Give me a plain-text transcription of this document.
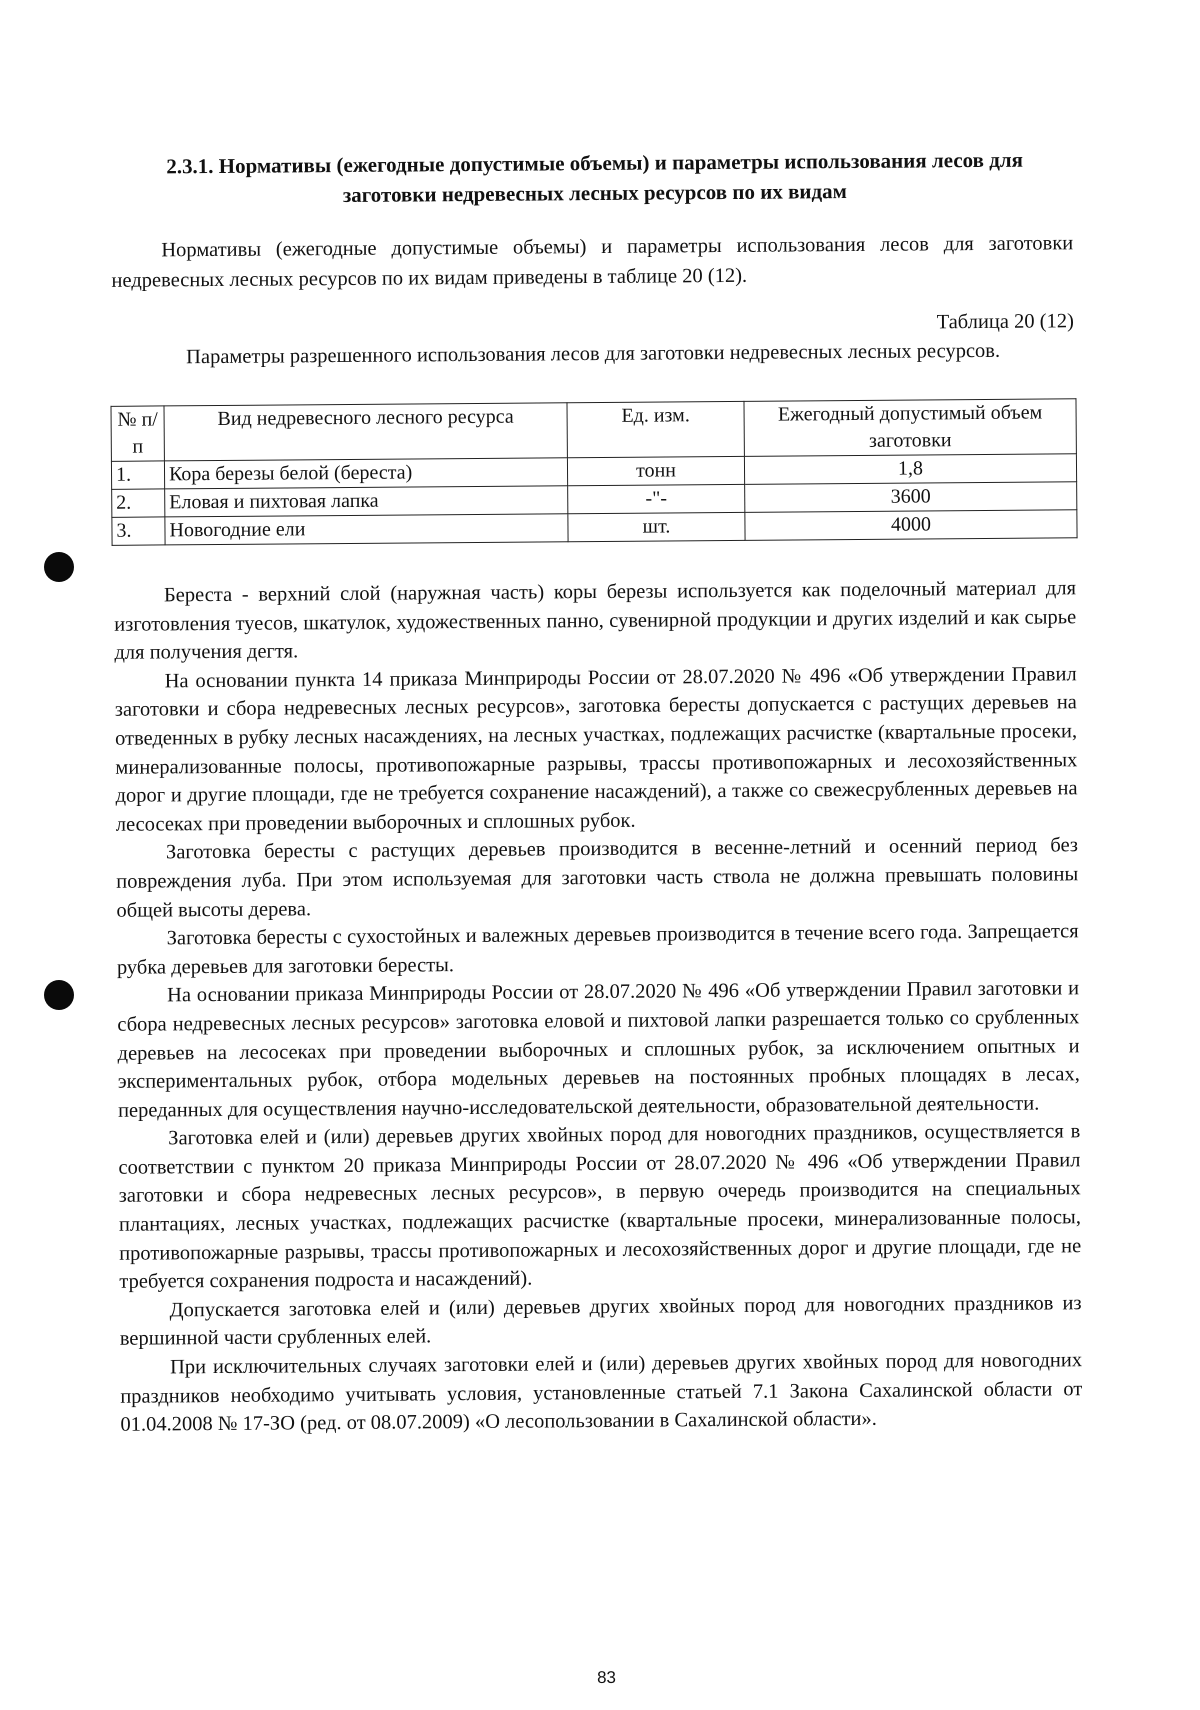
2.3.1. Нормативы (ежегодные допустимые объемы) и параметры использования лесов для
заготовки недревесных лесных ресурсов по их видам

Нормативы (ежегодные допустимые объемы) и параметры использования лесов для заготовки недревесных лесных ресурсов по их видам приведены в таблице 20 (12).

Таблица 20 (12)
Параметры разрешенного использования лесов для заготовки недревесных лесных ресурсов.
№ п/п	Вид недревесного лесного ресурса	Ед. изм.	Ежегодный допустимый объем заготовки
1.	Кора березы белой (береста)	тонн	1,8
2.	Еловая и пихтовая лапка	-"-	3600
3.	Новогодние ели	шт.	4000

Береста - верхний слой (наружная часть) коры березы используется как поделочный материал для изготовления туесов, шкатулок, художественных панно, сувенирной продукции и других изделий и как сырье для получения дегтя.

На основании пункта 14 приказа Минприроды России от 28.07.2020 № 496 «Об утверждении Правил заготовки и сбора недревесных лесных ресурсов», заготовка бересты допускается с растущих деревьев на отведенных в рубку лесных насаждениях, на лесных участках, подлежащих расчистке (квартальные просеки, минерализованные полосы, противопожарные разрывы, трассы противопожарных и лесохозяйственных дорог и другие площади, где не требуется сохранение насаждений), а также со свежесрубленных деревьев на лесосеках при проведении выборочных и сплошных рубок.

Заготовка бересты с растущих деревьев производится в весенне-летний и осенний период без повреждения луба. При этом используемая для заготовки часть ствола не должна превышать половины общей высоты дерева.

Заготовка бересты с сухостойных и валежных деревьев производится в течение всего года. Запрещается рубка деревьев для заготовки бересты.

На основании приказа Минприроды России от 28.07.2020 № 496 «Об утверждении Правил заготовки и сбора недревесных лесных ресурсов» заготовка еловой и пихтовой лапки разрешается только со срубленных деревьев на лесосеках при проведении выборочных и сплошных рубок, за исключением опытных и экспериментальных рубок, отбора модельных деревьев на постоянных пробных площадях в лесах, переданных для осуществления научно-исследовательской деятельности, образовательной деятельности.

Заготовка елей и (или) деревьев других хвойных пород для новогодних праздников, осуществляется в соответствии с пунктом 20 приказа Минприроды России от 28.07.2020 № 496 «Об утверждении Правил заготовки и сбора недревесных лесных ресурсов», в первую очередь производится на специальных плантациях, лесных участках, подлежащих расчистке (квартальные просеки, минерализованные полосы, противопожарные разрывы, трассы противопожарных и лесохозяйственных дорог и другие площади, где не требуется сохранения подроста и насаждений).

Допускается заготовка елей и (или) деревьев других хвойных пород для новогодних праздников из вершинной части срубленных елей.

При исключительных случаях заготовки елей и (или) деревьев других хвойных пород для новогодних праздников необходимо учитывать условия, установленные статьей 7.1 Закона Сахалинской области от 01.04.2008 № 17-ЗО (ред. от 08.07.2009) «О лесопользовании в Сахалинской области».

83
